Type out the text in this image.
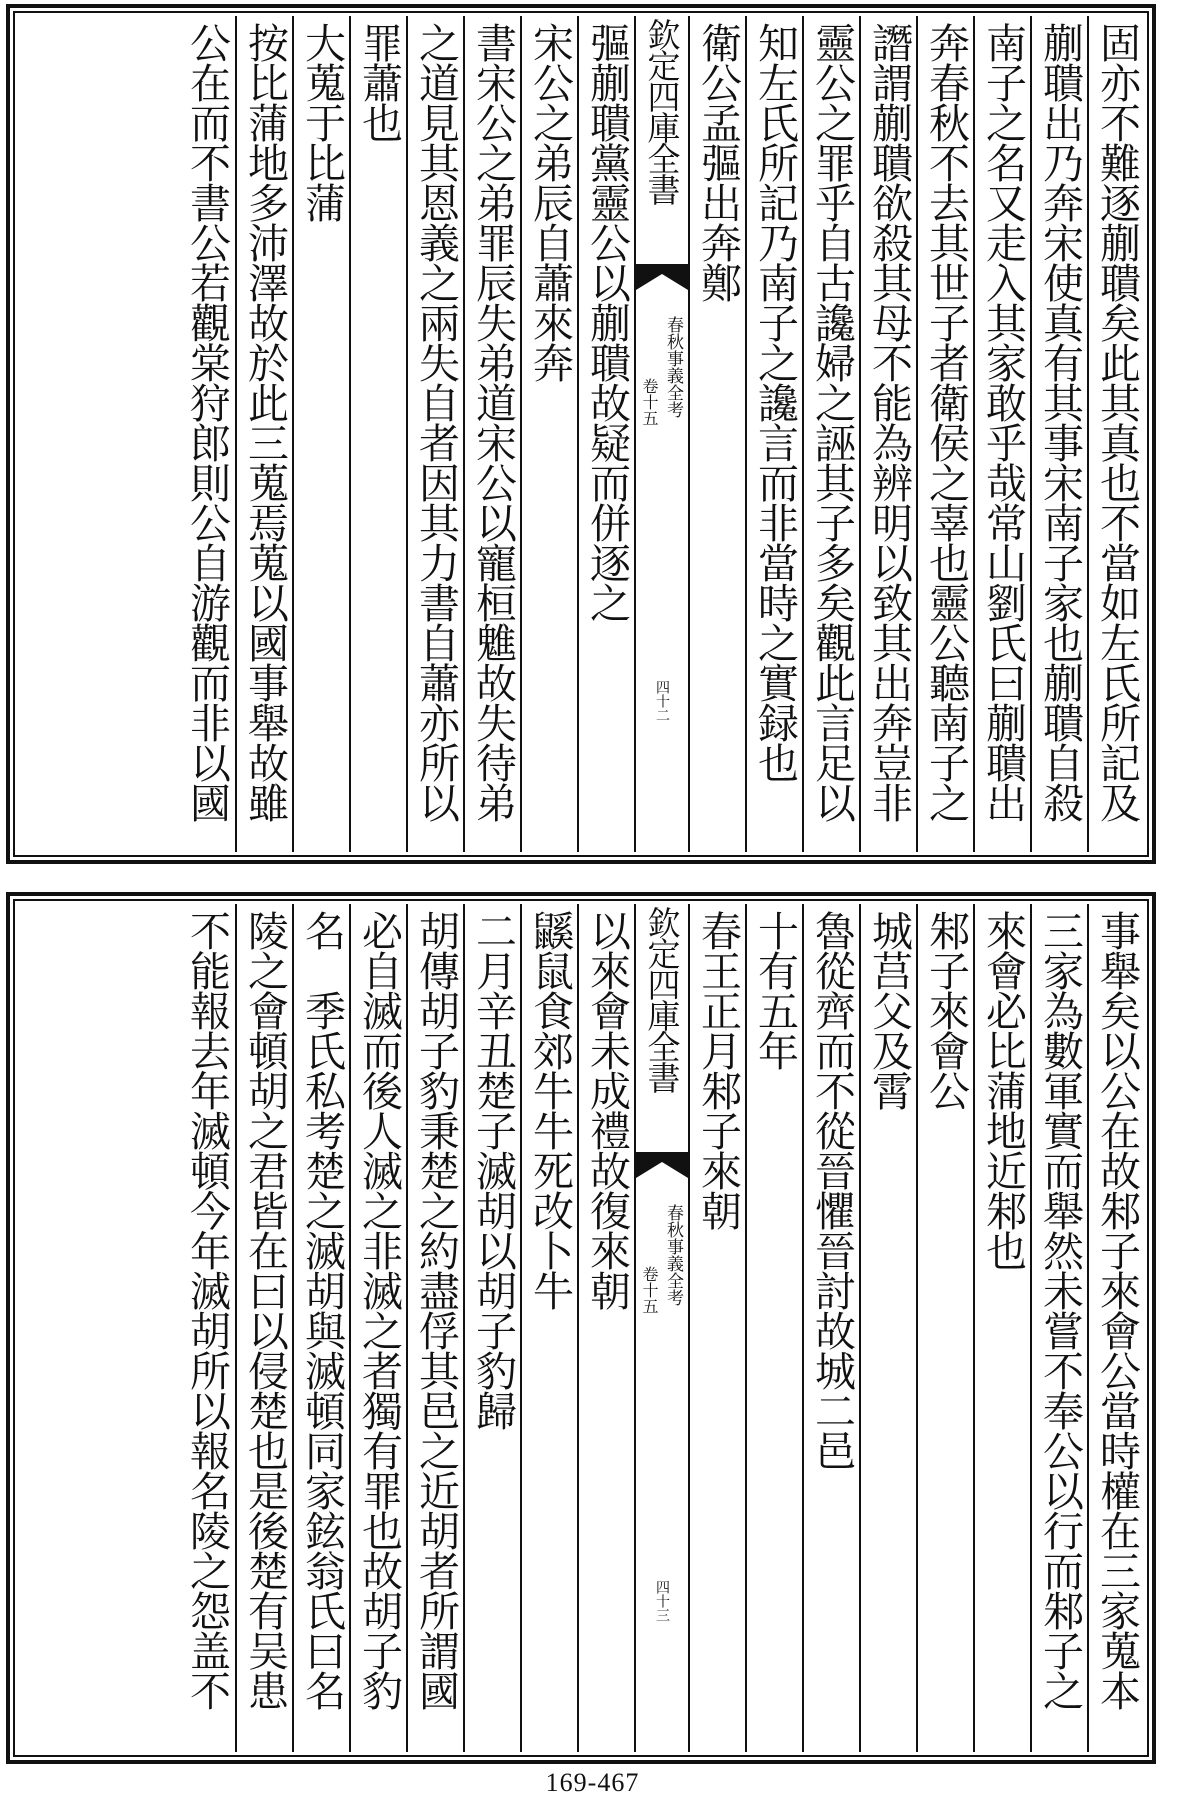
固亦不難逐蒯聵矣此其真也不當如左氏所記及
蒯聵出乃奔宋使真有其事宋南子家也蒯聵自殺
南子之名又走入其家敢乎哉常山劉氏曰蒯聵出
奔春秋不去其世子者衛侯之辜也靈公聽南子之
譖謂蒯聵欲殺其母不能為辨明以致其出奔豈非
靈公之罪乎自古讒婦之誣其子多矣觀此言足以
知左氏所記乃南子之讒言而非當時之實録也
衛公孟彄出奔鄭
欽定四庫全書
春秋事義全考
卷十五
四十二
彄蒯聵黨靈公以蒯聵故疑而併逐之
宋公之弟辰自蕭來奔
書宋公之弟罪辰失弟道宋公以寵桓魋故失待弟
之道見其恩義之兩失自者因其力書自蕭亦所以
罪蕭也
大蒐于比蒲
按比蒲地多沛澤故於此三蒐焉蒐以國事舉故雖
公在而不書公若觀棠狩郎則公自游觀而非以國
事舉矣以公在故邾子來會公當時權在三家蒐本
三家為數軍實而舉然未嘗不奉公以行而邾子之
來會必比蒲地近邾也
邾子來會公
城莒父及霄
魯從齊而不從晉懼晉討故城二邑
十有五年
春王正月邾子來朝
欽定四庫全書
春秋事義全考
卷十五
四十三
以來會未成禮故復來朝
鼷鼠食郊牛牛死改卜牛
二月辛丑楚子滅胡以胡子豹歸
胡傳胡子豹秉楚之約盡俘其邑之近胡者所謂國
必自滅而後人滅之非滅之者獨有罪也故胡子豹
名　季氏私考楚之滅胡與滅頓同家鉉翁氏曰名
陵之會頓胡之君皆在曰以侵楚也是後楚有吴患
不能報去年滅頓今年滅胡所以報名陵之怨盖不
169-467
